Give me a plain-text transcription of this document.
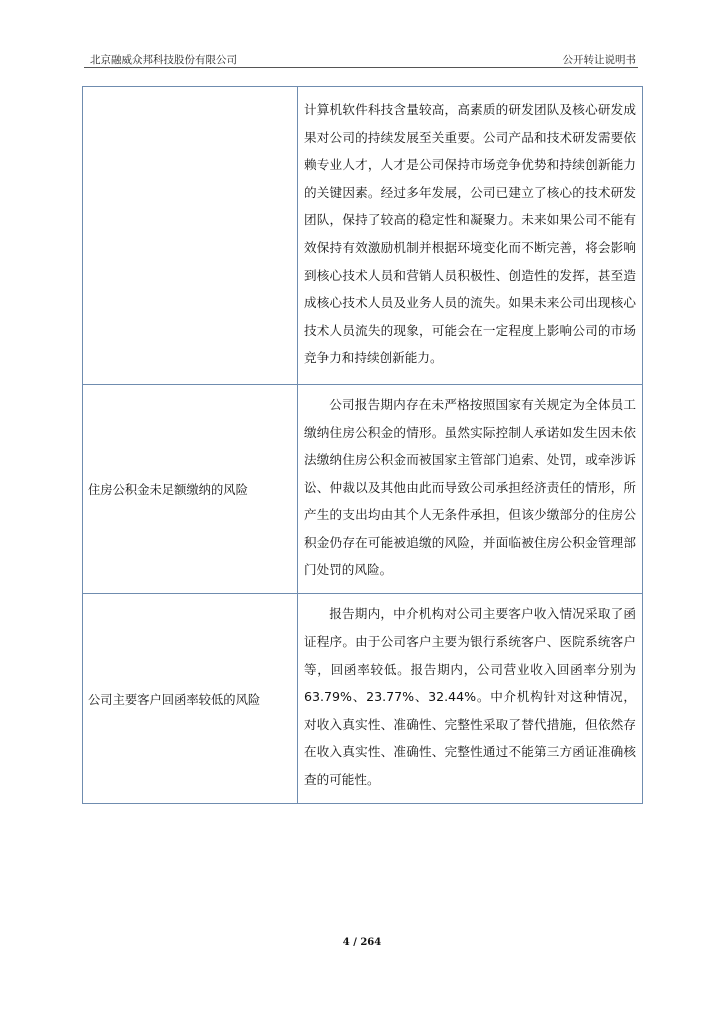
北京融威众邦科技股份有限公司	公开转让说明书

	计算机软件科技含量较高，高素质的研发团队及核心研发成果对公司的持续发展至关重要。公司产品和技术研发需要依赖专业人才，人才是公司保持市场竞争优势和持续创新能力的关键因素。经过多年发展，公司已建立了核心的技术研发团队，保持了较高的稳定性和凝聚力。未来如果公司不能有效保持有效激励机制并根据环境变化而不断完善，将会影响到核心技术人员和营销人员积极性、创造性的发挥，甚至造成核心技术人员及业务人员的流失。如果未来公司出现核心技术人员流失的现象，可能会在一定程度上影响公司的市场竞争力和持续创新能力。

住房公积金未足额缴纳的风险	公司报告期内存在未严格按照国家有关规定为全体员工缴纳住房公积金的情形。虽然实际控制人承诺如发生因未依法缴纳住房公积金而被国家主管部门追索、处罚，或牵涉诉讼、仲裁以及其他由此而导致公司承担经济责任的情形，所产生的支出均由其个人无条件承担，但该少缴部分的住房公积金仍存在可能被追缴的风险，并面临被住房公积金管理部门处罚的风险。

公司主要客户回函率较低的风险	报告期内，中介机构对公司主要客户收入情况采取了函证程序。由于公司客户主要为银行系统客户、医院系统客户等，回函率较低。报告期内，公司营业收入回函率分别为63.79%、23.77%、32.44%。中介机构针对这种情况，对收入真实性、准确性、完整性采取了替代措施，但依然存在收入真实性、准确性、完整性通过不能第三方函证准确核查的可能性。

4 / 264
